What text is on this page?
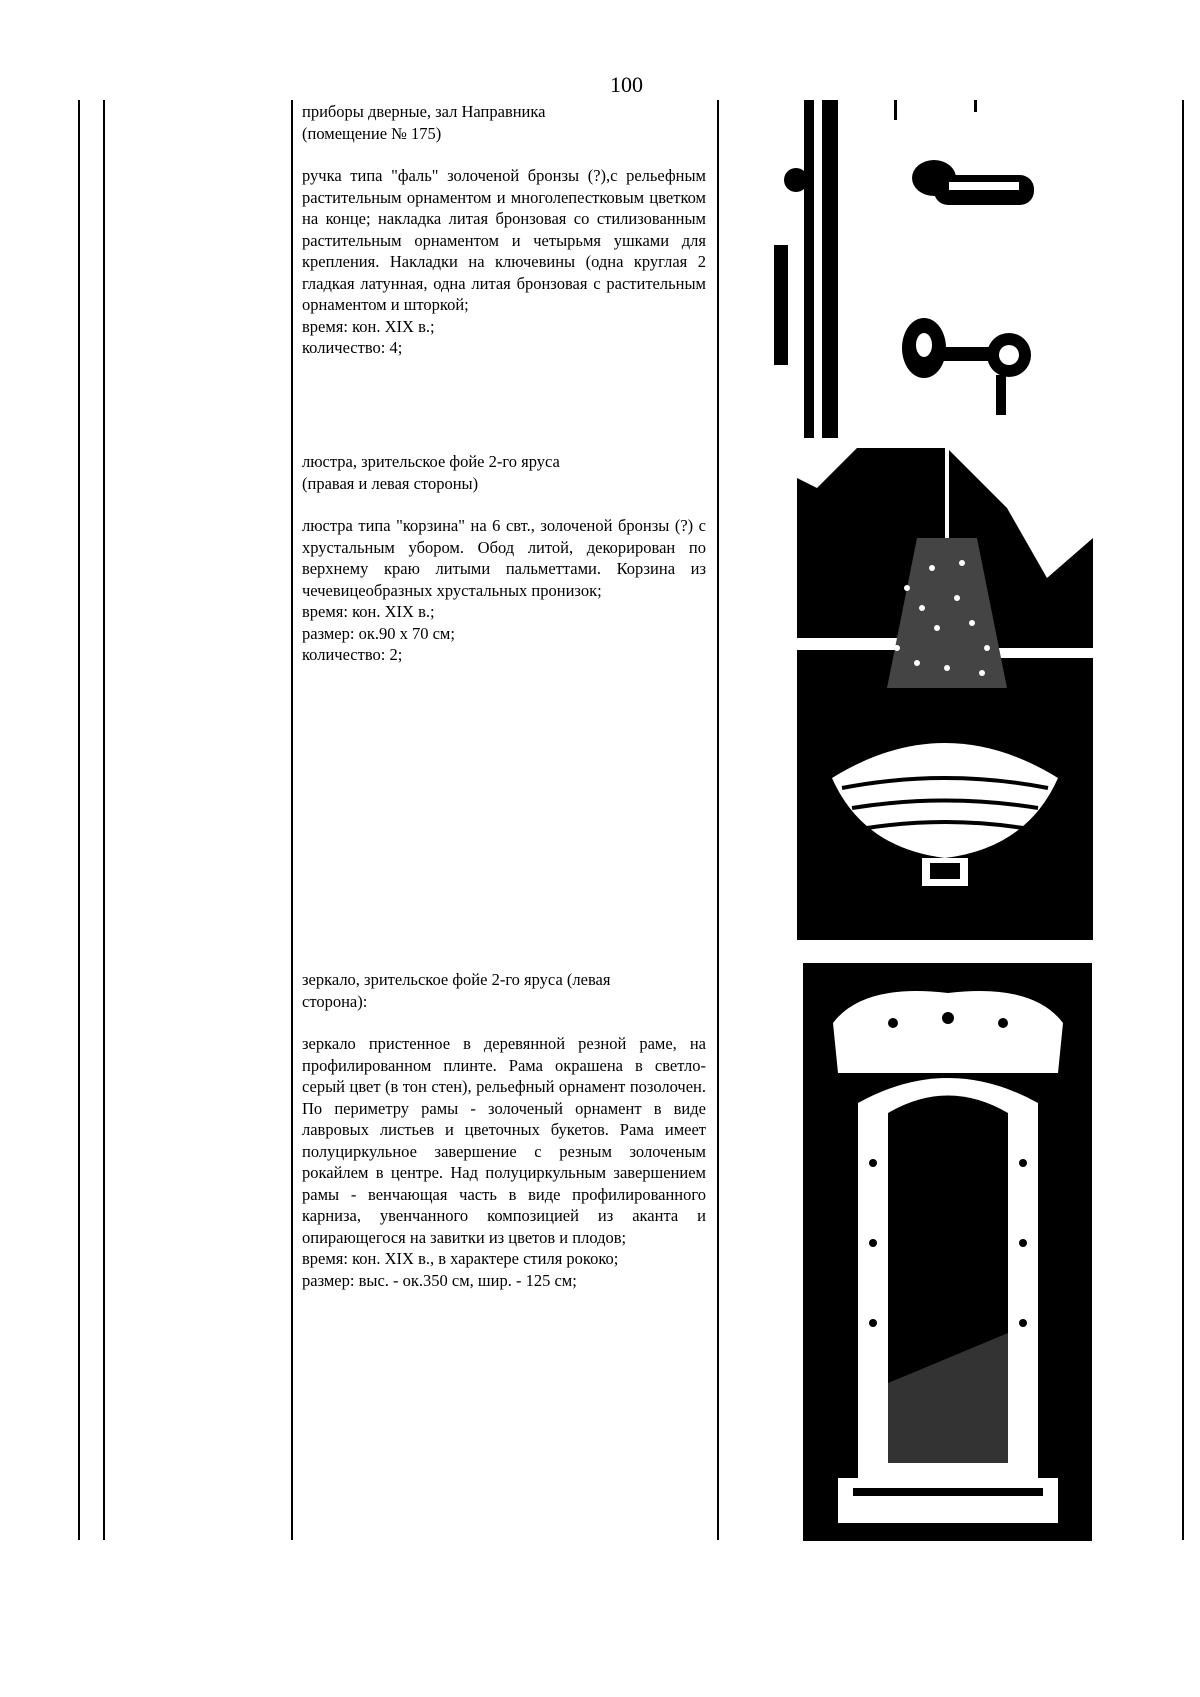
100

приборы дверные, зал Направника
(помещение № 175)

ручка типа "фаль" золоченой бронзы (?),с рельефным растительным орнаментом и многолепестковым цветком на конце; накладка литая бронзовая со стилизованным растительным орнаментом и четырьмя ушками для крепления. Накладки на ключевины (одна круглая 2 гладкая латунная, одна литая бронзовая с растительным орнаментом и шторкой;

время: кон. XIX в.;
количество: 4;

люстра, зрительское фойе 2-го яруса
(правая и левая стороны)

люстра типа "корзина" на 6 свт., золоченой бронзы (?) с хрустальным убором. Обод литой, декорирован по верхнему краю литыми пальметтами. Корзина из чечевицеобразных хрустальных пронизок;

время: кон. XIX в.;
размер: ок.90 х 70 см;
количество: 2;

зеркало, зрительское фойе 2-го яруса (левая
сторона):

зеркало пристенное в деревянной резной раме, на профилированном плинте. Рама окрашена в светло-серый цвет (в тон стен), рельефный орнамент позолочен. По периметру рамы - золоченый орнамент в виде лавровых листьев и цветочных букетов. Рама имеет полуциркульное завершение с резным золоченым рокайлем в центре. Над полуциркульным завершением рамы - венчающая часть в виде профилированного карниза, увенчанного композицией из аканта и опирающегося на завитки из цветов и плодов;

время: кон. XIX в., в характере стиля рококо;
размер: выс. - ок.350 см, шир. - 125 см;
